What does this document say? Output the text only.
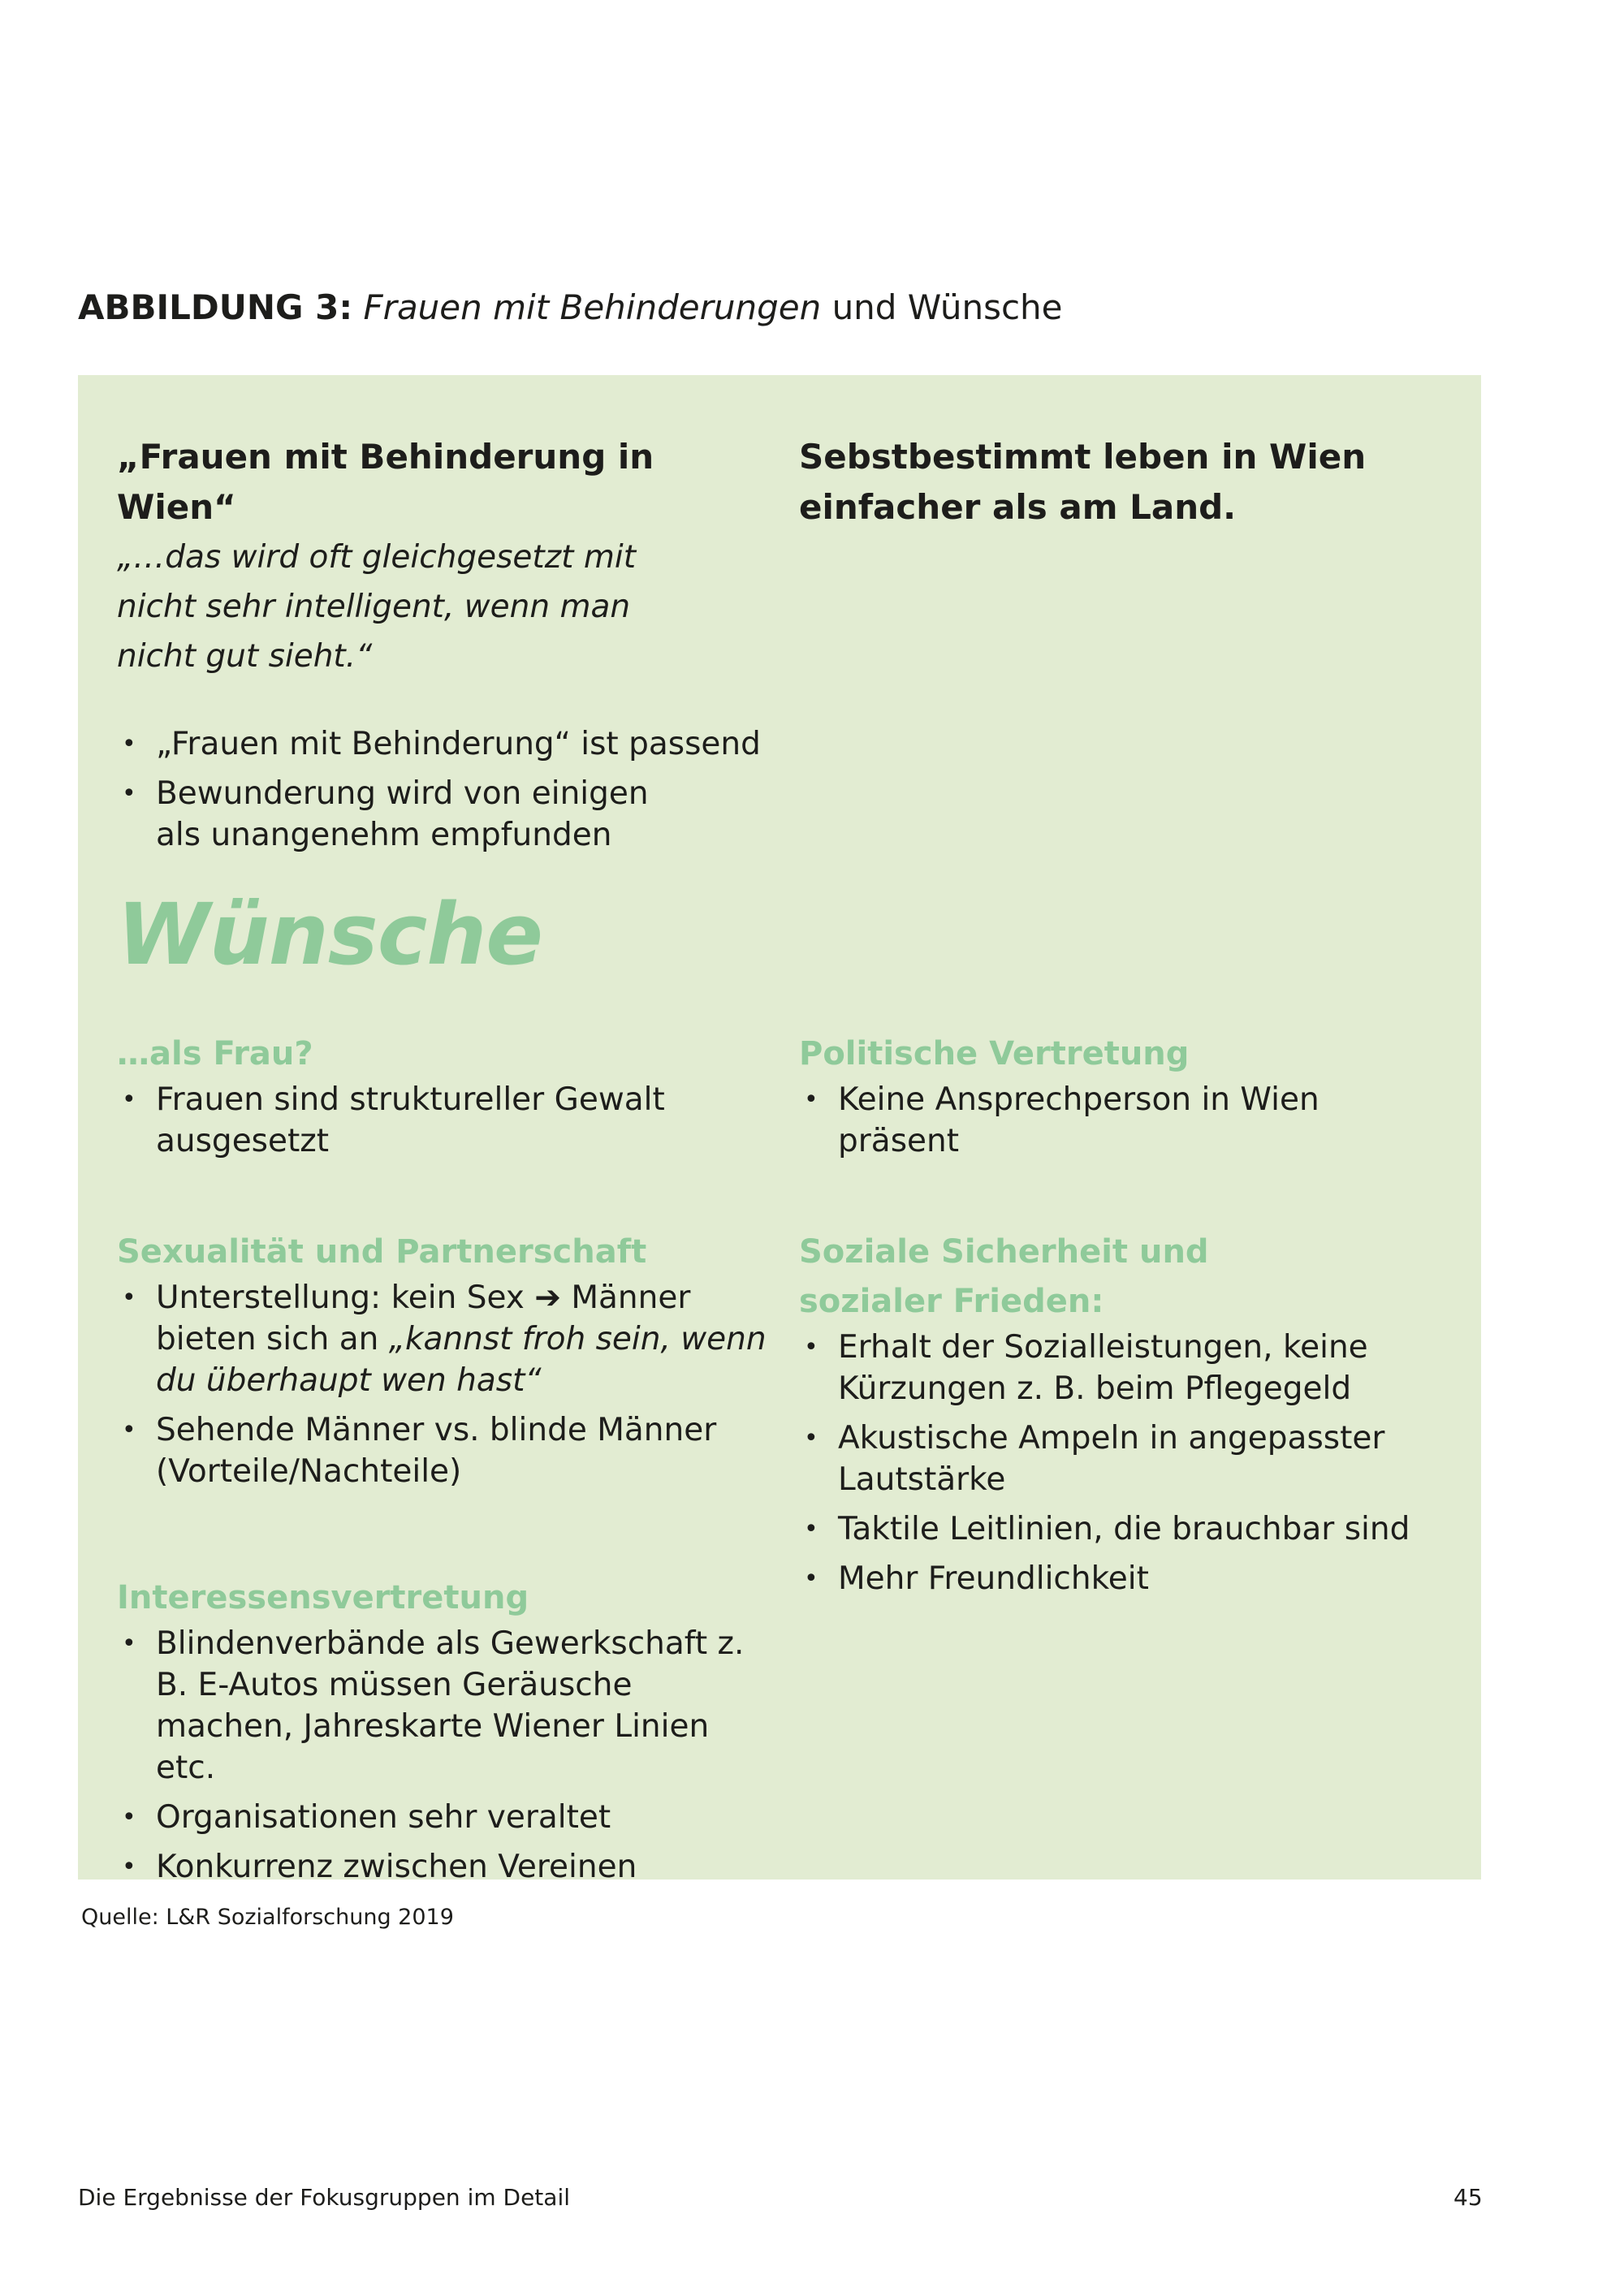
ABBILDUNG 3: Frauen mit Behinderungen und Wünsche
„Frauen mit Behinderung in Wien“
„…das wird oft gleichgesetzt mit nicht sehr intelligent, wenn man nicht gut sieht.“
• „Frauen mit Behinderung“ ist passend
• Bewunderung wird von einigen als unangenehm empfunden
Sebstbestimmt leben in Wien einfacher als am Land.
Wünsche
…als Frau?
• Frauen sind struktureller Gewalt ausgesetzt
Sexualität und Partnerschaft
• Unterstellung: kein Sex ➔ Männer bieten sich an „kannst froh sein, wenn du überhaupt wen hast“
• Sehende Männer vs. blinde Männer (Vorteile/Nachteile)
Interessensvertretung
• Blindenverbände als Gewerkschaft z. B. E-Autos müssen Geräusche machen, Jahreskarte Wiener Linien etc.
• Organisationen sehr veraltet
• Konkurrenz zwischen Vereinen
Politische Vertretung
• Keine Ansprechperson in Wien präsent
Soziale Sicherheit und sozialer Frieden:
• Erhalt der Sozialleistungen, keine Kürzungen z. B. beim Pflegegeld
• Akustische Ampeln in angepasster Lautstärke
• Taktile Leitlinien, die brauchbar sind
• Mehr Freundlichkeit
Quelle: L&R Sozialforschung 2019
Die Ergebnisse der Fokusgruppen im Detail	45
